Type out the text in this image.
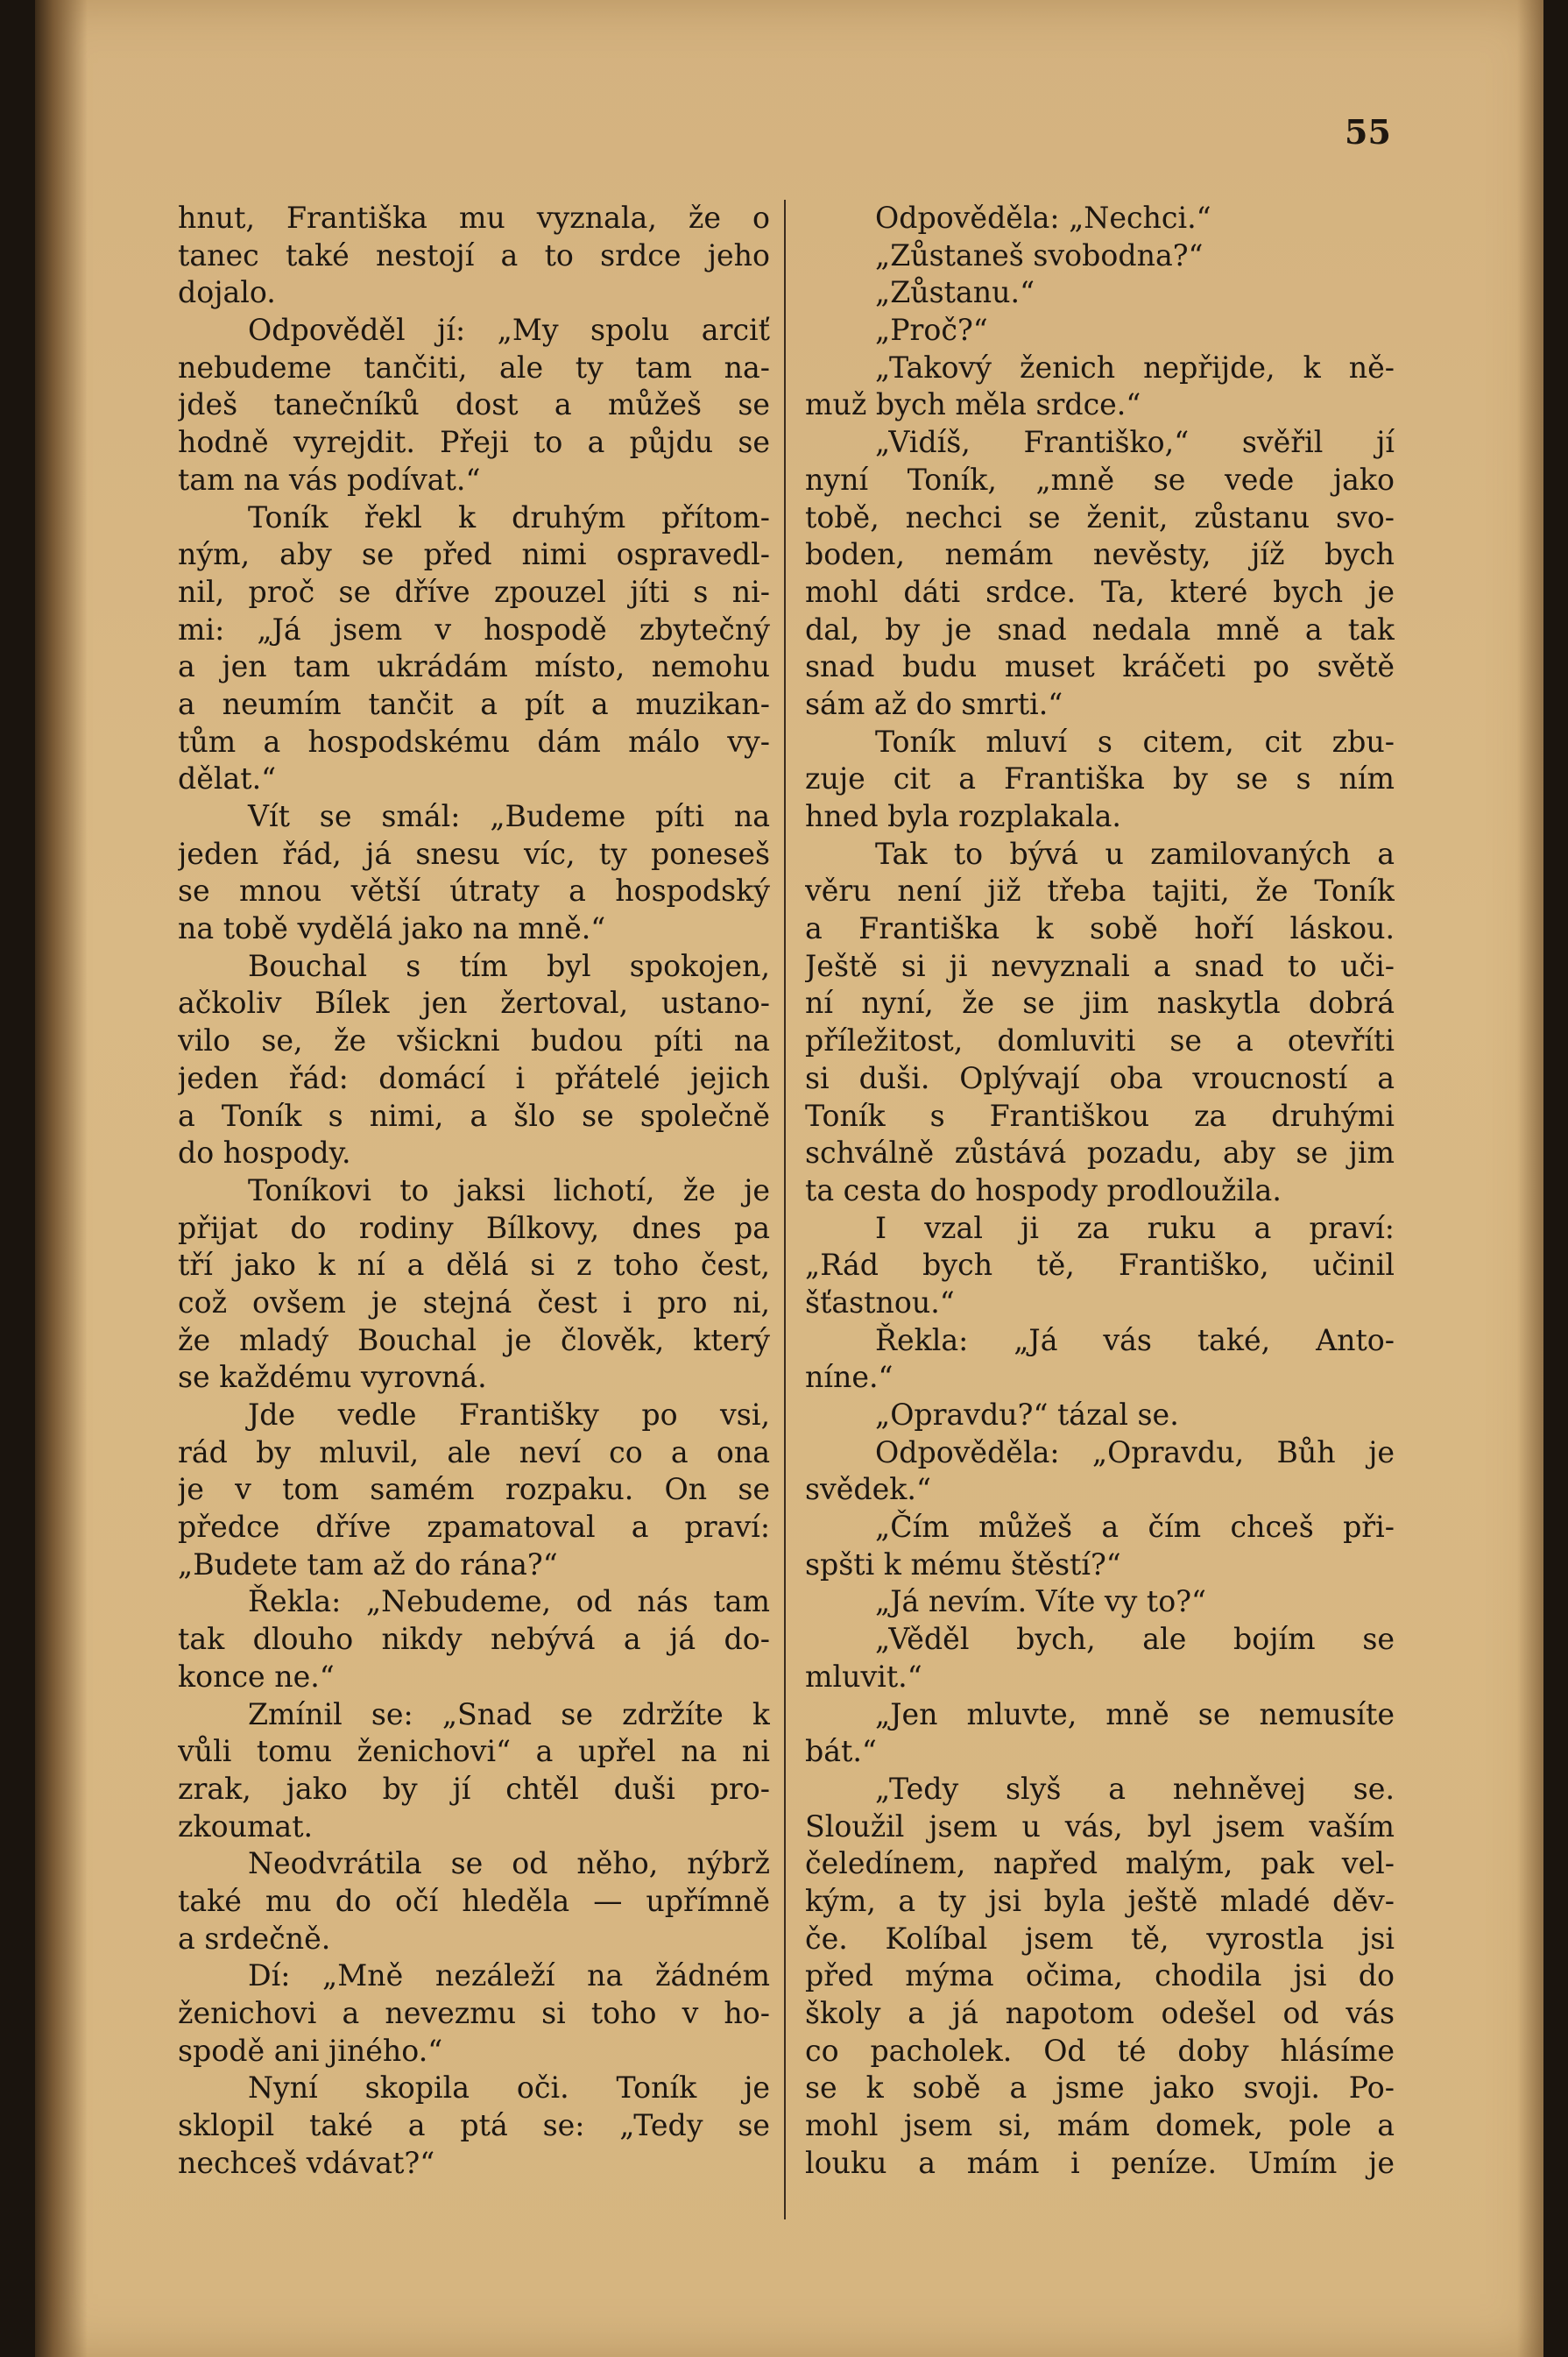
55
hnut, Františka mu vyznala, že o
tanec také nestojí a to srdce jeho
dojalo.
Odpověděl jí: „My spolu arciť
nebudeme tančiti, ale ty tam na-
jdeš tanečníků dost a můžeš se
hodně vyrejdit. Přeji to a půjdu se
tam na vás podívat.“
Toník řekl k druhým přítom-
ným, aby se před nimi ospravedl-
nil, proč se dříve zpouzel jíti s ni-
mi: „Já jsem v hospodě zbytečný
a jen tam ukrádám místo, nemohu
a neumím tančit a pít a muzikan-
tům a hospodskému dám málo vy-
dělat.“
Vít se smál: „Budeme píti na
jeden řád, já snesu víc, ty poneseš
se mnou větší útraty a hospodský
na tobě vydělá jako na mně.“
Bouchal s tím byl spokojen,
ačkoliv Bílek jen žertoval, ustano-
vilo se, že všickni budou píti na
jeden řád: domácí i přátelé jejich
a Toník s nimi, a šlo se společně
do hospody.
Toníkovi to jaksi lichotí, že je
přijat do rodiny Bílkovy, dnes pa
tří jako k ní a dělá si z toho čest,
což ovšem je stejná čest i pro ni,
že mladý Bouchal je člověk, který
se každému vyrovná.
Jde vedle Františky po vsi,
rád by mluvil, ale neví co a ona
je v tom samém rozpaku. On se
předce dříve zpamatoval a praví:
„Budete tam až do rána?“
Řekla: „Nebudeme, od nás tam
tak dlouho nikdy nebývá a já do-
konce ne.“
Zmínil se: „Snad se zdržíte k
vůli tomu ženichovi“ a upřel na ni
zrak, jako by jí chtěl duši pro-
zkoumat.
Neodvrátila se od něho, nýbrž
také mu do očí hleděla — upřímně
a srdečně.
Dí: „Mně nezáleží na žádném
ženichovi a nevezmu si toho v ho-
spodě ani jiného.“
Nyní skopila oči. Toník je
sklopil také a ptá se: „Tedy se
nechceš vdávat?“
Odpověděla: „Nechci.“
„Zůstaneš svobodna?“
„Zůstanu.“
„Proč?“
„Takový ženich nepřijde, k ně-
muž bych měla srdce.“
„Vidíš, Františko,“ svěřil jí
nyní Toník, „mně se vede jako
tobě, nechci se ženit, zůstanu svo-
boden, nemám nevěsty, jíž bych
mohl dáti srdce. Ta, které bych je
dal, by je snad nedala mně a tak
snad budu muset kráčeti po světě
sám až do smrti.“
Toník mluví s citem, cit zbu-
zuje cit a Františka by se s ním
hned byla rozplakala.
Tak to bývá u zamilovaných a
věru není již třeba tajiti, že Toník
a Františka k sobě hoří láskou.
Ještě si ji nevyznali a snad to uči-
ní nyní, že se jim naskytla dobrá
příležitost, domluviti se a otevříti
si duši. Oplývají oba vroucností a
Toník s Františkou za druhými
schválně zůstává pozadu, aby se jim
ta cesta do hospody prodloužila.
I vzal ji za ruku a praví:
„Rád bych tě, Františko, učinil
šťastnou.“
Řekla: „Já vás také, Anto-
níne.“
„Opravdu?“ tázal se.
Odpověděla: „Opravdu, Bůh je
svědek.“
„Čím můžeš a čím chceš při-
spšti k mému štěstí?“
„Já nevím. Víte vy to?“
„Věděl bych, ale bojím se
mluvit.“
„Jen mluvte, mně se nemusíte
bát.“
„Tedy slyš a nehněvej se.
Sloužil jsem u vás, byl jsem vaším
čeledínem, napřed malým, pak vel-
kým, a ty jsi byla ještě mladé děv-
če. Kolíbal jsem tě, vyrostla jsi
před mýma očima, chodila jsi do
školy a já napotom odešel od vás
co pacholek. Od té doby hlásíme
se k sobě a jsme jako svoji. Po-
mohl jsem si, mám domek, pole a
louku a mám i peníze. Umím je
